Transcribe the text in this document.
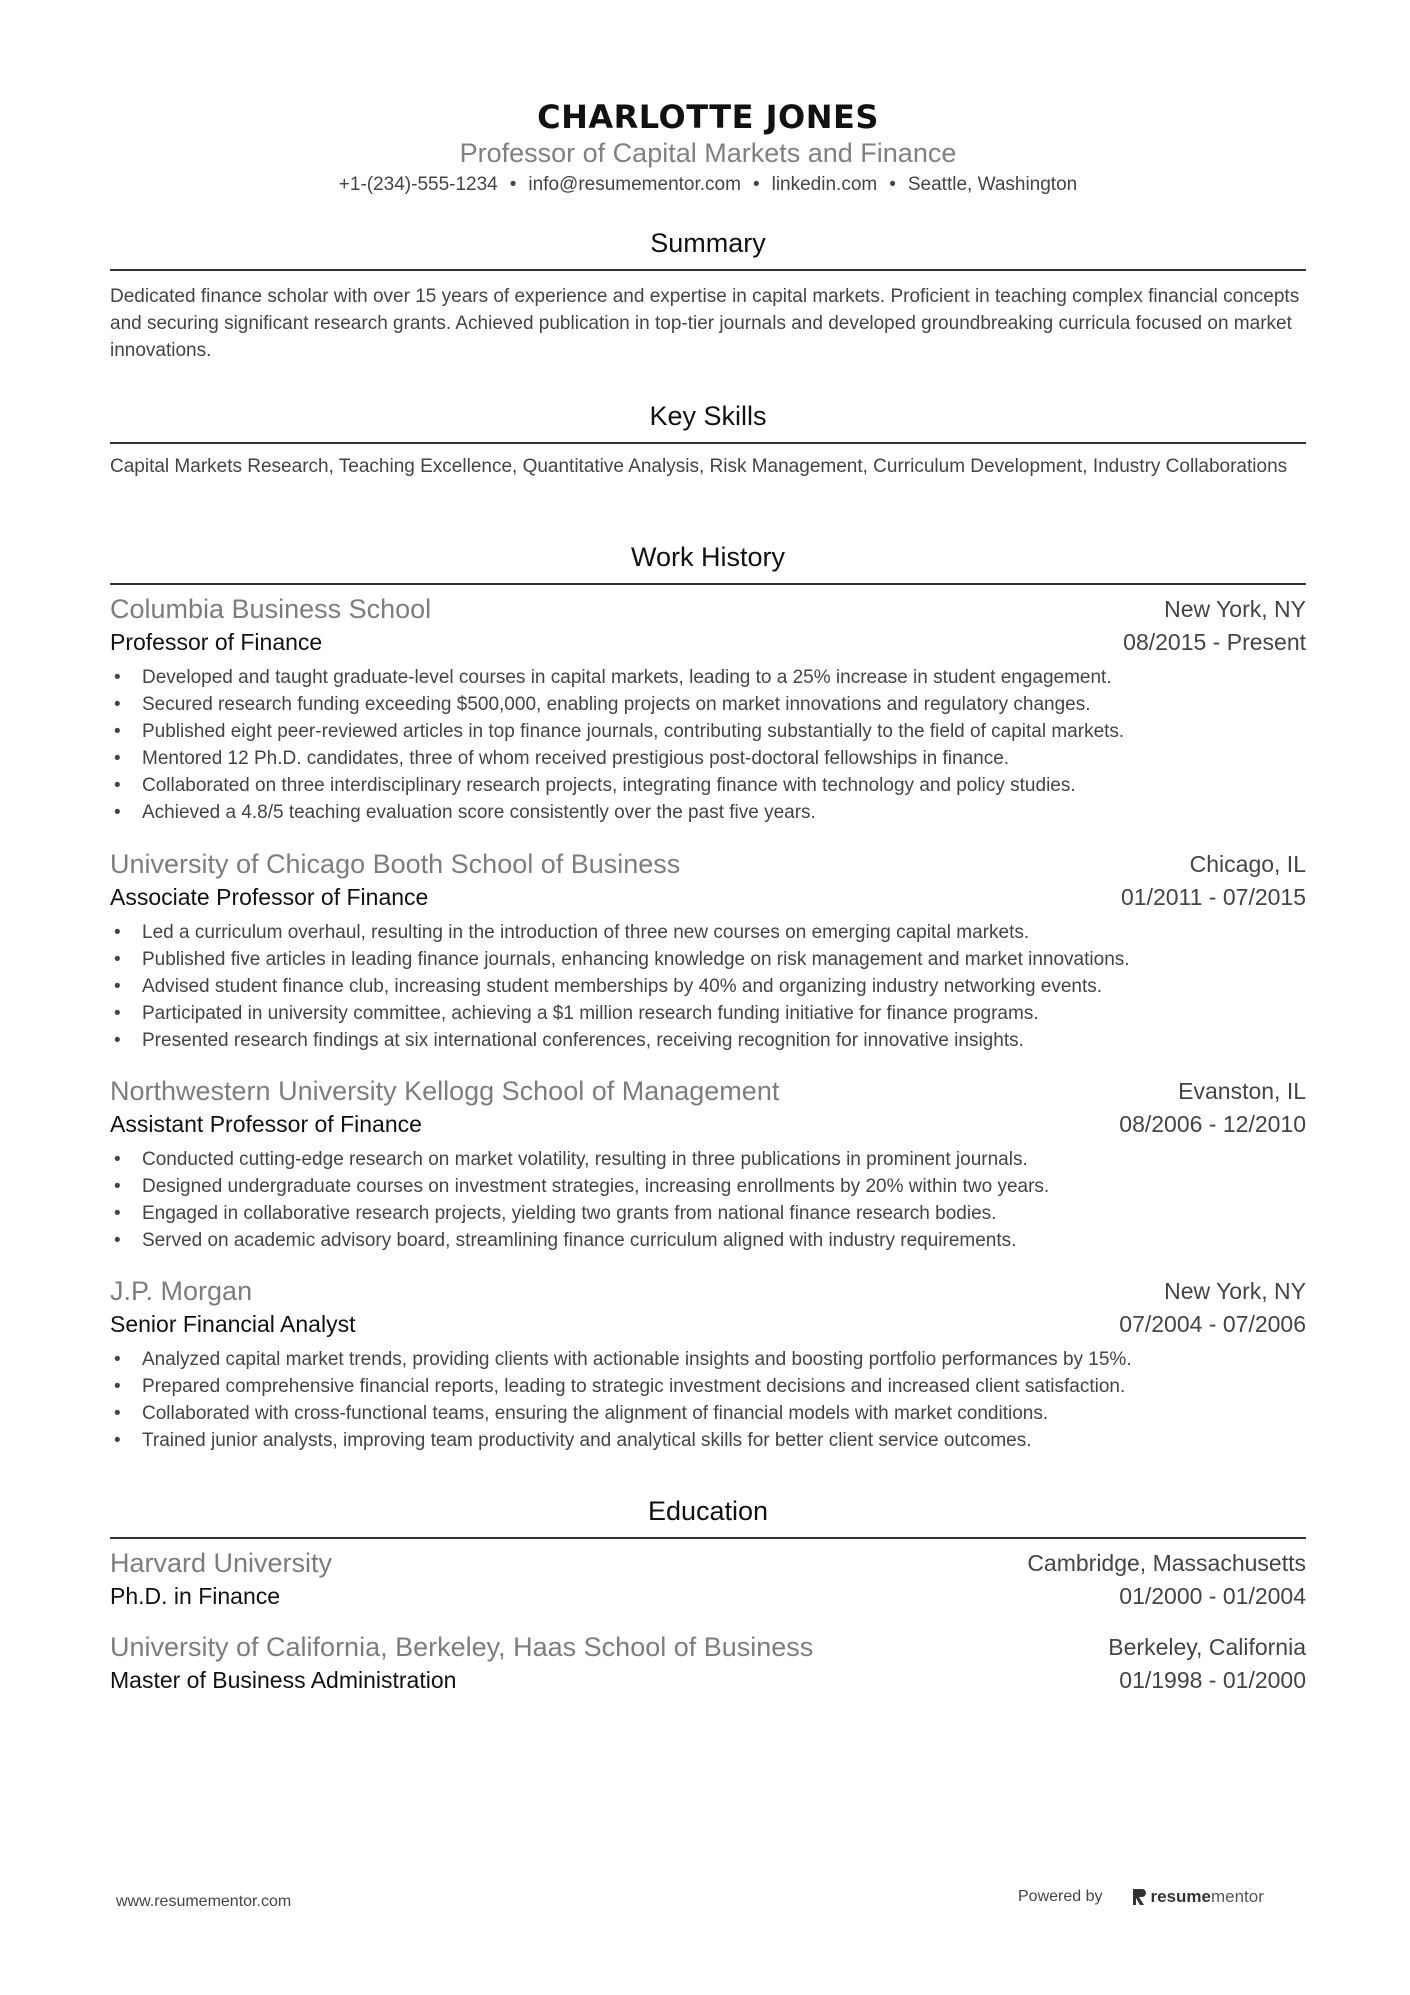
CHARLOTTE JONES
Professor of Capital Markets and Finance
+1-(234)-555-1234 • info@resumementor.com • linkedin.com • Seattle, Washington
Summary
Dedicated finance scholar with over 15 years of experience and expertise in capital markets. Proficient in teaching complex financial concepts and securing significant research grants. Achieved publication in top-tier journals and developed groundbreaking curricula focused on market innovations.
Key Skills
Capital Markets Research, Teaching Excellence, Quantitative Analysis, Risk Management, Curriculum Development, Industry Collaborations
Work History
Columbia Business School	New York, NY
Professor of Finance	08/2015 - Present
• Developed and taught graduate-level courses in capital markets, leading to a 25% increase in student engagement.
• Secured research funding exceeding $500,000, enabling projects on market innovations and regulatory changes.
• Published eight peer-reviewed articles in top finance journals, contributing substantially to the field of capital markets.
• Mentored 12 Ph.D. candidates, three of whom received prestigious post-doctoral fellowships in finance.
• Collaborated on three interdisciplinary research projects, integrating finance with technology and policy studies.
• Achieved a 4.8/5 teaching evaluation score consistently over the past five years.
University of Chicago Booth School of Business	Chicago, IL
Associate Professor of Finance	01/2011 - 07/2015
• Led a curriculum overhaul, resulting in the introduction of three new courses on emerging capital markets.
• Published five articles in leading finance journals, enhancing knowledge on risk management and market innovations.
• Advised student finance club, increasing student memberships by 40% and organizing industry networking events.
• Participated in university committee, achieving a $1 million research funding initiative for finance programs.
• Presented research findings at six international conferences, receiving recognition for innovative insights.
Northwestern University Kellogg School of Management	Evanston, IL
Assistant Professor of Finance	08/2006 - 12/2010
• Conducted cutting-edge research on market volatility, resulting in three publications in prominent journals.
• Designed undergraduate courses on investment strategies, increasing enrollments by 20% within two years.
• Engaged in collaborative research projects, yielding two grants from national finance research bodies.
• Served on academic advisory board, streamlining finance curriculum aligned with industry requirements.
J.P. Morgan	New York, NY
Senior Financial Analyst	07/2004 - 07/2006
• Analyzed capital market trends, providing clients with actionable insights and boosting portfolio performances by 15%.
• Prepared comprehensive financial reports, leading to strategic investment decisions and increased client satisfaction.
• Collaborated with cross-functional teams, ensuring the alignment of financial models with market conditions.
• Trained junior analysts, improving team productivity and analytical skills for better client service outcomes.
Education
Harvard University	Cambridge, Massachusetts
Ph.D. in Finance	01/2000 - 01/2004
University of California, Berkeley, Haas School of Business	Berkeley, California
Master of Business Administration	01/1998 - 01/2000
www.resumementor.com	Powered by	resumementor
